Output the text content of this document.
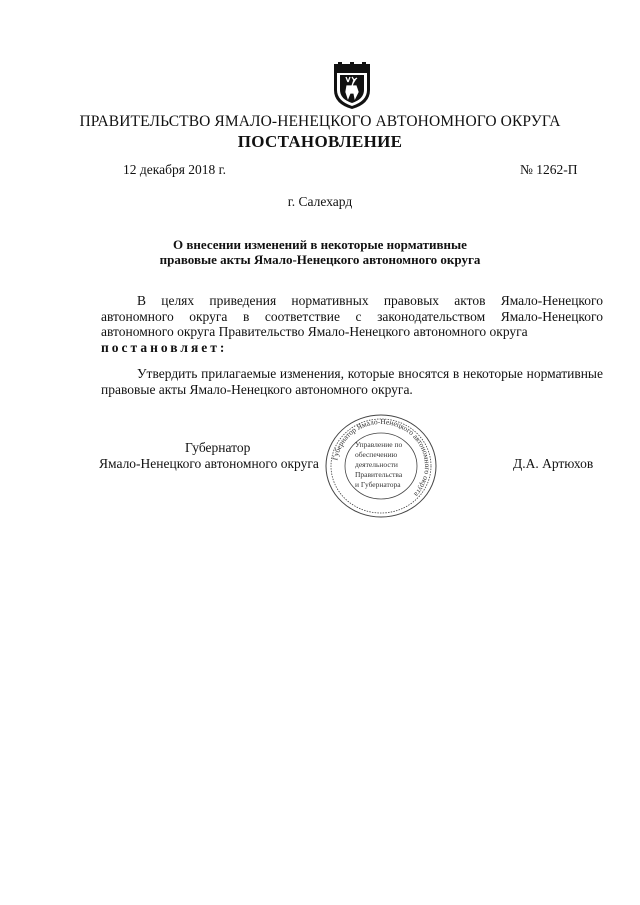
ПРАВИТЕЛЬСТВО ЯМАЛО-НЕНЕЦКОГО АВТОНОМНОГО ОКРУГА
ПОСТАНОВЛЕНИЕ
12 декабря 2018 г.	№ 1262-П
г. Салехард
О внесении изменений в некоторые нормативные
правовые акты Ямало-Ненецкого автономного округа
В целях приведения нормативных правовых актов Ямало-Ненецкого автономного округа в соответствие с законодательством Ямало-Ненецкого автономного округа Правительство Ямало-Ненецкого автономного округа
постановляет:
Утвердить прилагаемые изменения, которые вносятся в некоторые нормативные правовые акты Ямало-Ненецкого автономного округа.
Губернатор
Ямало-Ненецкого автономного округа	Д.А. Артюхов
Губернатор Ямало-Ненецкого автономного округа
Управление по
обеспечению
деятельности
Правительства
и Губернатора
